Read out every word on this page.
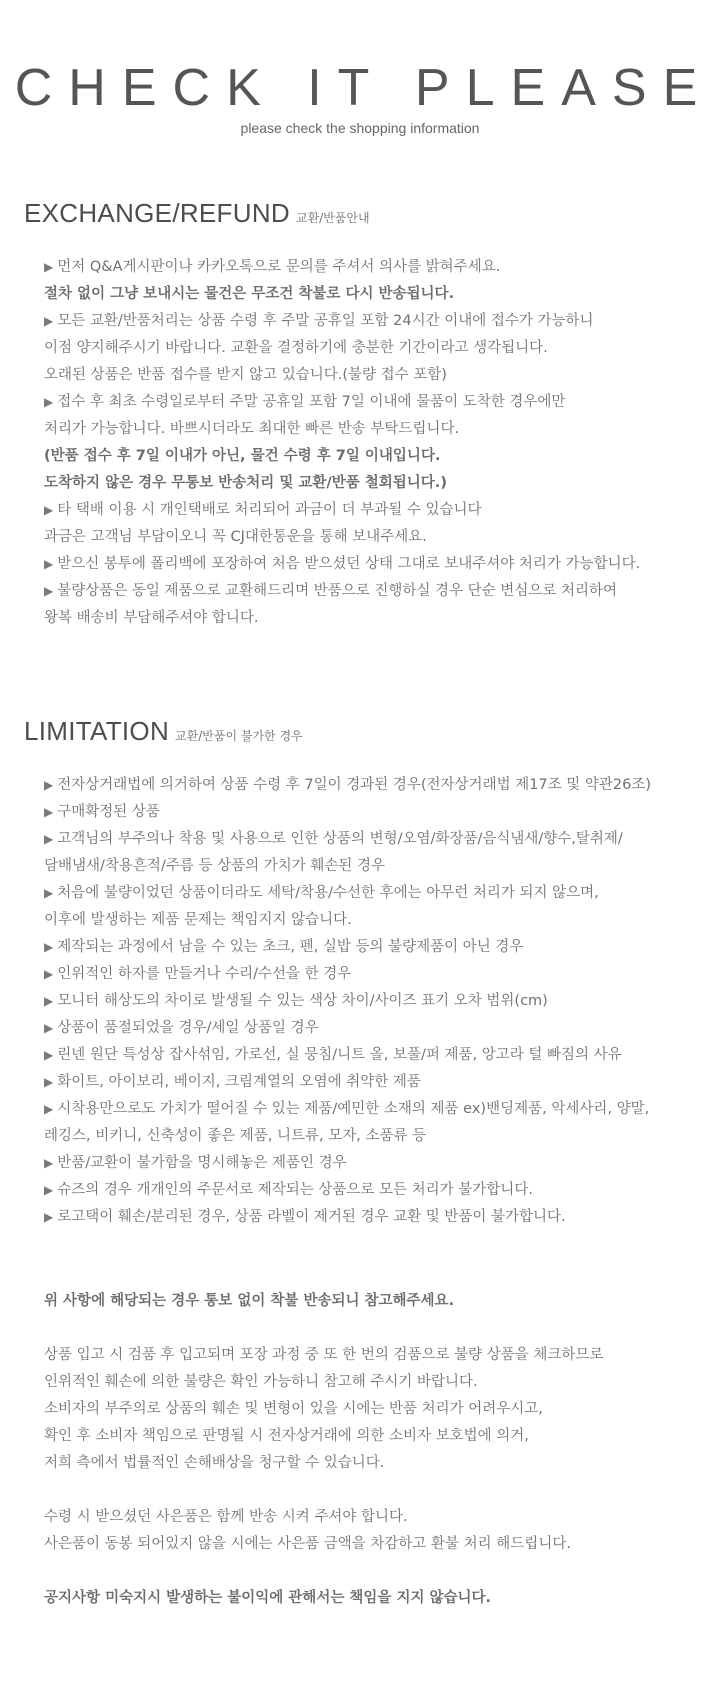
CHECK IT PLEASE
please check the shopping information
EXCHANGE/REFUND 교환/반품안내
▶ 먼저 Q&A게시판이나 카카오톡으로 문의를 주셔서 의사를 밝혀주세요.
절차 없이 그냥 보내시는 물건은 무조건 착불로 다시 반송됩니다.
▶ 모든 교환/반품처리는 상품 수령 후 주말 공휴일 포함 24시간 이내에 접수가 가능하니
이점 양지해주시기 바랍니다. 교환을 결정하기에 충분한 기간이라고 생각됩니다.
오래된 상품은 반품 접수를 받지 않고 있습니다.(불량 접수 포함)
▶ 접수 후 최초 수령일로부터 주말 공휴일 포함 7일 이내에 물품이 도착한 경우에만
처리가 가능합니다. 바쁘시더라도 최대한 빠른 반송 부탁드립니다.
(반품 접수 후 7일 이내가 아닌, 물건 수령 후 7일 이내입니다.
도착하지 않은 경우 무통보 반송처리 및 교환/반품 철회됩니다.)
▶ 타 택배 이용 시 개인택배로 처리되어 과금이 더 부과될 수 있습니다
과금은 고객님 부담이오니 꼭 CJ대한통운을 통해 보내주세요.
▶ 받으신 봉투에 폴리백에 포장하여 처음 받으셨던 상태 그대로 보내주셔야 처리가 가능합니다.
▶ 불량상품은 동일 제품으로 교환해드리며 반품으로 진행하실 경우 단순 변심으로 처리하여
왕복 배송비 부담해주셔야 합니다.
LIMITATION 교환/반품이 불가한 경우
▶ 전자상거래법에 의거하여 상품 수령 후 7일이 경과된 경우(전자상거래법 제17조 및 약관26조)
▶ 구매확정된 상품
▶ 고객님의 부주의나 착용 및 사용으로 인한 상품의 변형/오염/화장품/음식냄새/향수,탈취제/
담배냄새/착용흔적/주름 등 상품의 가치가 훼손된 경우
▶ 처음에 불량이었던 상품이더라도 세탁/착용/수선한 후에는 아무런 처리가 되지 않으며,
이후에 발생하는 제품 문제는 책임지지 않습니다.
▶ 제작되는 과정에서 남을 수 있는 초크, 펜, 실밥 등의 불량제품이 아닌 경우
▶ 인위적인 하자를 만들거나 수리/수선을 한 경우
▶ 모니터 해상도의 차이로 발생될 수 있는 색상 차이/사이즈 표기 오차 범위(cm)
▶ 상품이 품절되었을 경우/세일 상품일 경우
▶ 린넨 원단 특성상 잡사섞임, 가로선, 실 뭉침/니트 올, 보풀/퍼 제품, 앙고라 털 빠짐의 사유
▶ 화이트, 아이보리, 베이지, 크림계열의 오염에 취약한 제품
▶ 시착용만으로도 가치가 떨어질 수 있는 제품/예민한 소재의 제품 ex)밴딩제품, 악세사리, 양말,
레깅스, 비키니, 신축성이 좋은 제품, 니트류, 모자, 소품류 등
▶ 반품/교환이 불가함을 명시해놓은 제품인 경우
▶ 슈즈의 경우 개개인의 주문서로 제작되는 상품으로 모든 처리가 불가합니다.
▶ 로고택이 훼손/분리된 경우, 상품 라벨이 제거된 경우 교환 및 반품이 불가합니다.
위 사항에 해당되는 경우 통보 없이 착불 반송되니 참고해주세요.
상품 입고 시 검품 후 입고되며 포장 과정 중 또 한 번의 검품으로 불량 상품을 체크하므로
인위적인 훼손에 의한 불량은 확인 가능하니 참고해 주시기 바랍니다.
소비자의 부주의로 상품의 훼손 및 변형이 있을 시에는 반품 처리가 어려우시고,
확인 후 소비자 책임으로 판명될 시 전자상거래에 의한 소비자 보호법에 의거,
저희 측에서 법률적인 손해배상을 청구할 수 있습니다.
수령 시 받으셨던 사은품은 함께 반송 시켜 주셔야 합니다.
사은품이 동봉 되어있지 않을 시에는 사은품 금액을 차감하고 환불 처리 해드립니다.
공지사항 미숙지시 발생하는 불이익에 관해서는 책임을 지지 않습니다.
